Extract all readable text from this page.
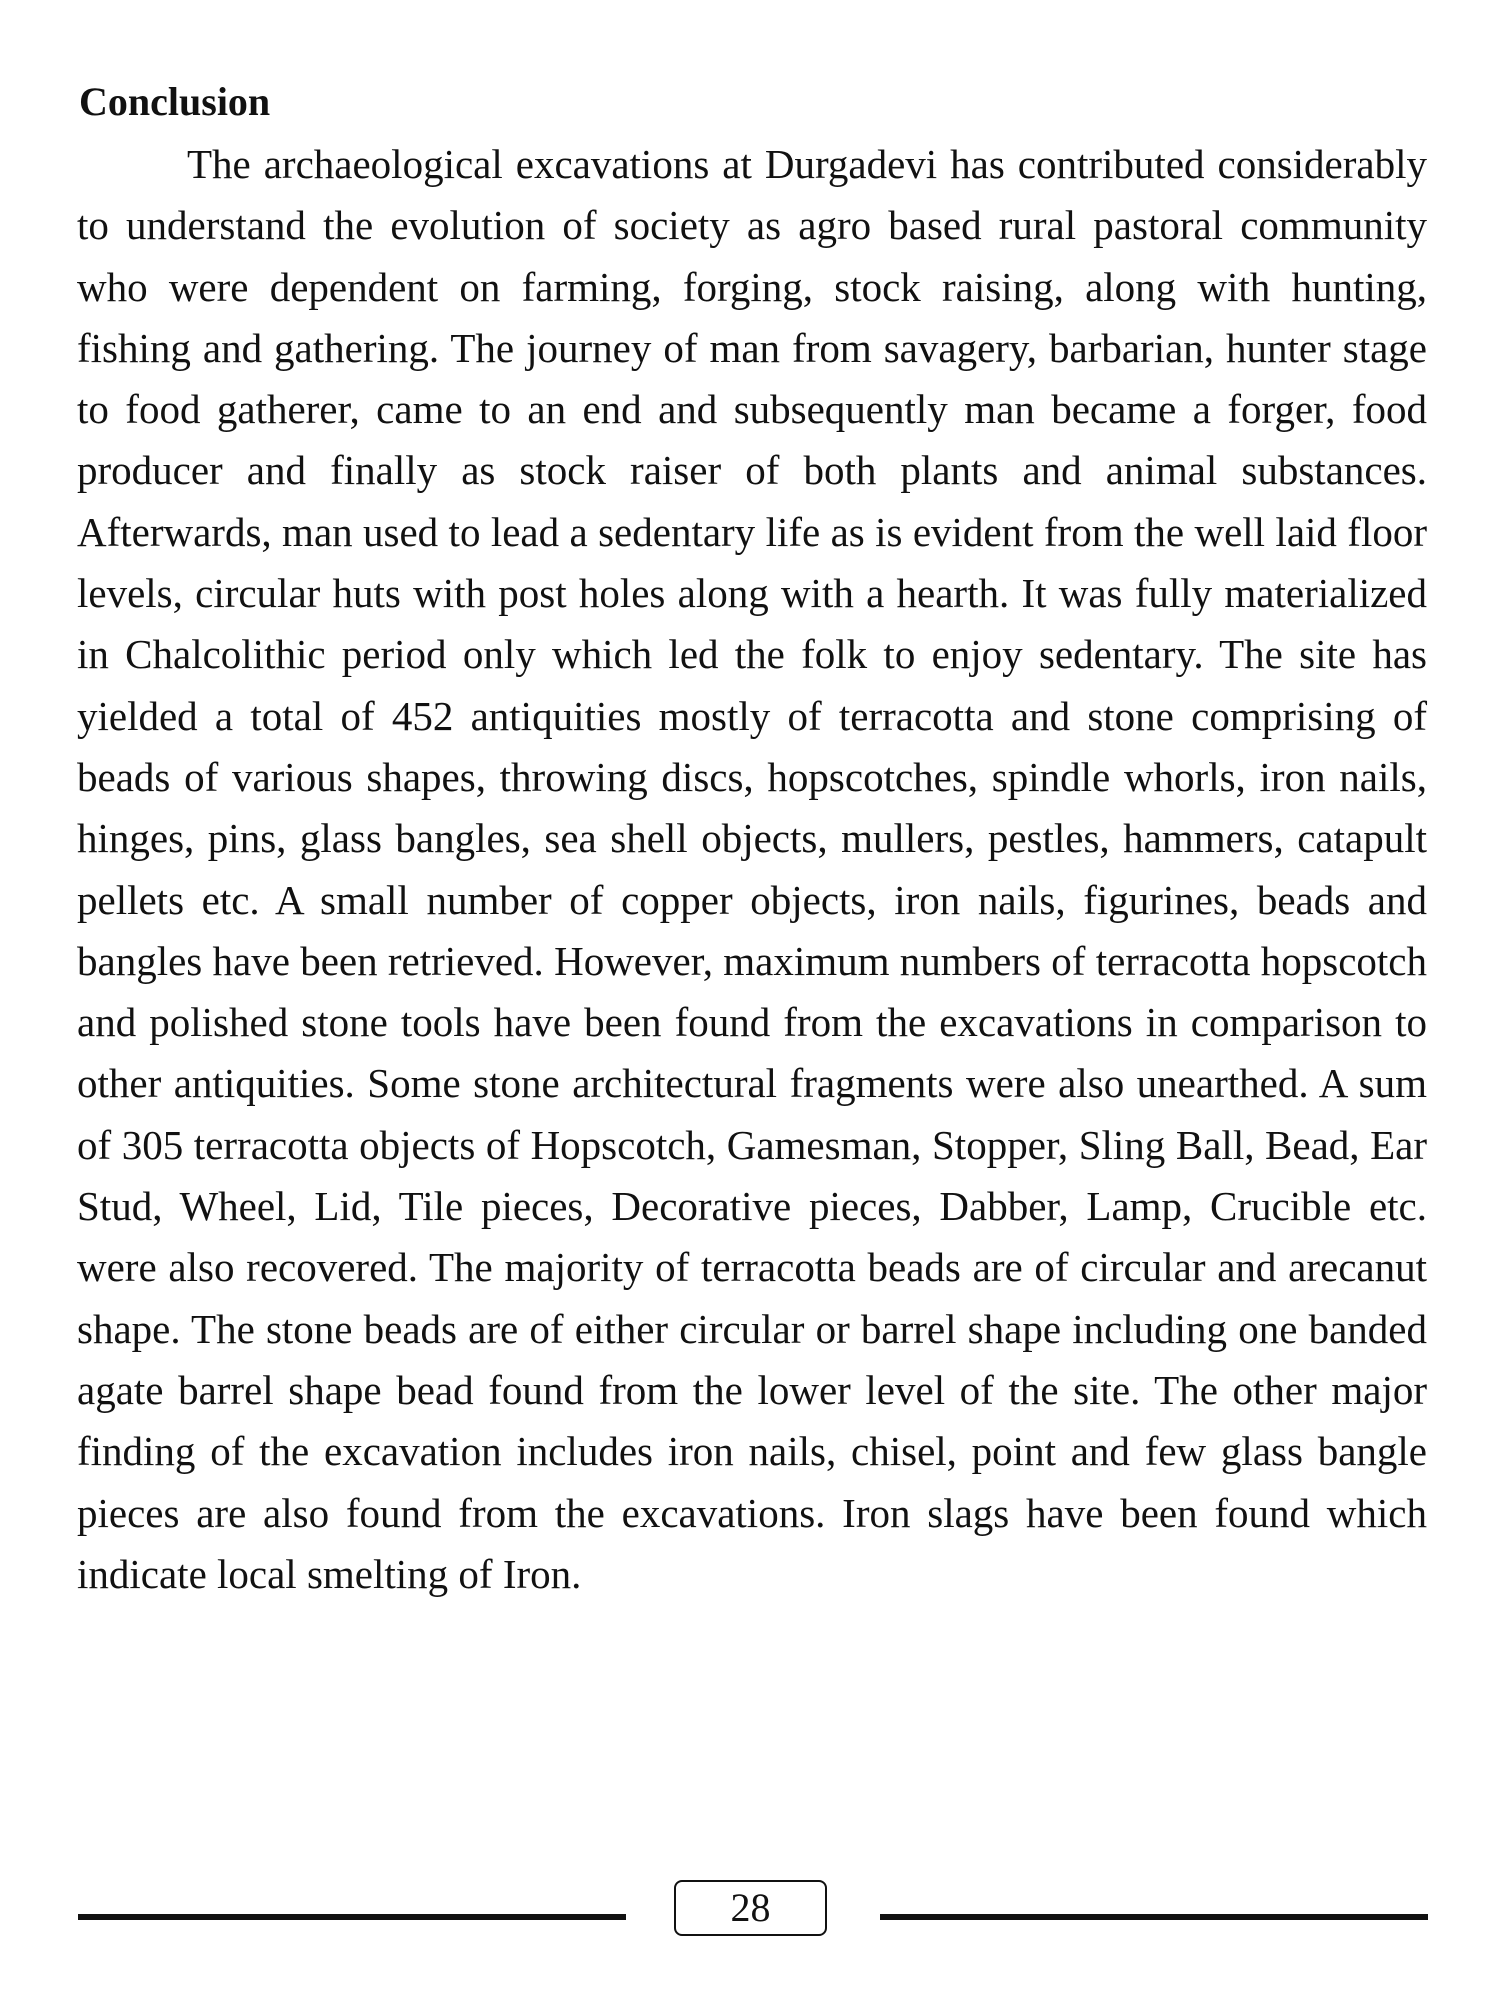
Conclusion

The archaeological excavations at Durgadevi has contributed considerably to understand the evolution of society as agro based rural pastoral community who were dependent on farming, forging, stock raising, along with hunting, fishing and gathering. The journey of man from savagery, barbarian, hunter stage to food gatherer, came to an end and subsequently man became a forger, food producer and finally as stock raiser of both plants and animal substances. Afterwards, man used to lead a sedentary life as is evident from the well laid floor levels, circular huts with post holes along with a hearth. It was fully materialized in Chalcolithic period only which led the folk to enjoy sedentary. The site has yielded a total of 452 antiquities mostly of terracotta and stone comprising of beads of various shapes, throwing discs, hopscotches, spindle whorls, iron nails, hinges, pins, glass bangles, sea shell objects, mullers, pestles, hammers, catapult pellets etc. A small number of copper objects, iron nails, figurines, beads and bangles have been retrieved. However, maximum numbers of terracotta hopscotch and polished stone tools have been found from the excavations in comparison to other antiquities. Some stone architectural fragments were also unearthed. A sum of 305 terracotta objects of Hopscotch, Gamesman, Stopper, Sling Ball, Bead, Ear Stud, Wheel, Lid, Tile pieces, Decorative pieces, Dabber, Lamp, Crucible etc. were also recovered. The majority of terracotta beads are of circular and arecanut shape. The stone beads are of either circular or barrel shape including one banded agate barrel shape bead found from the lower level of the site. The other major finding of the excavation includes iron nails, chisel, point and few glass bangle pieces are also found from the excavations. Iron slags have been found which indicate local smelting of Iron.

28
